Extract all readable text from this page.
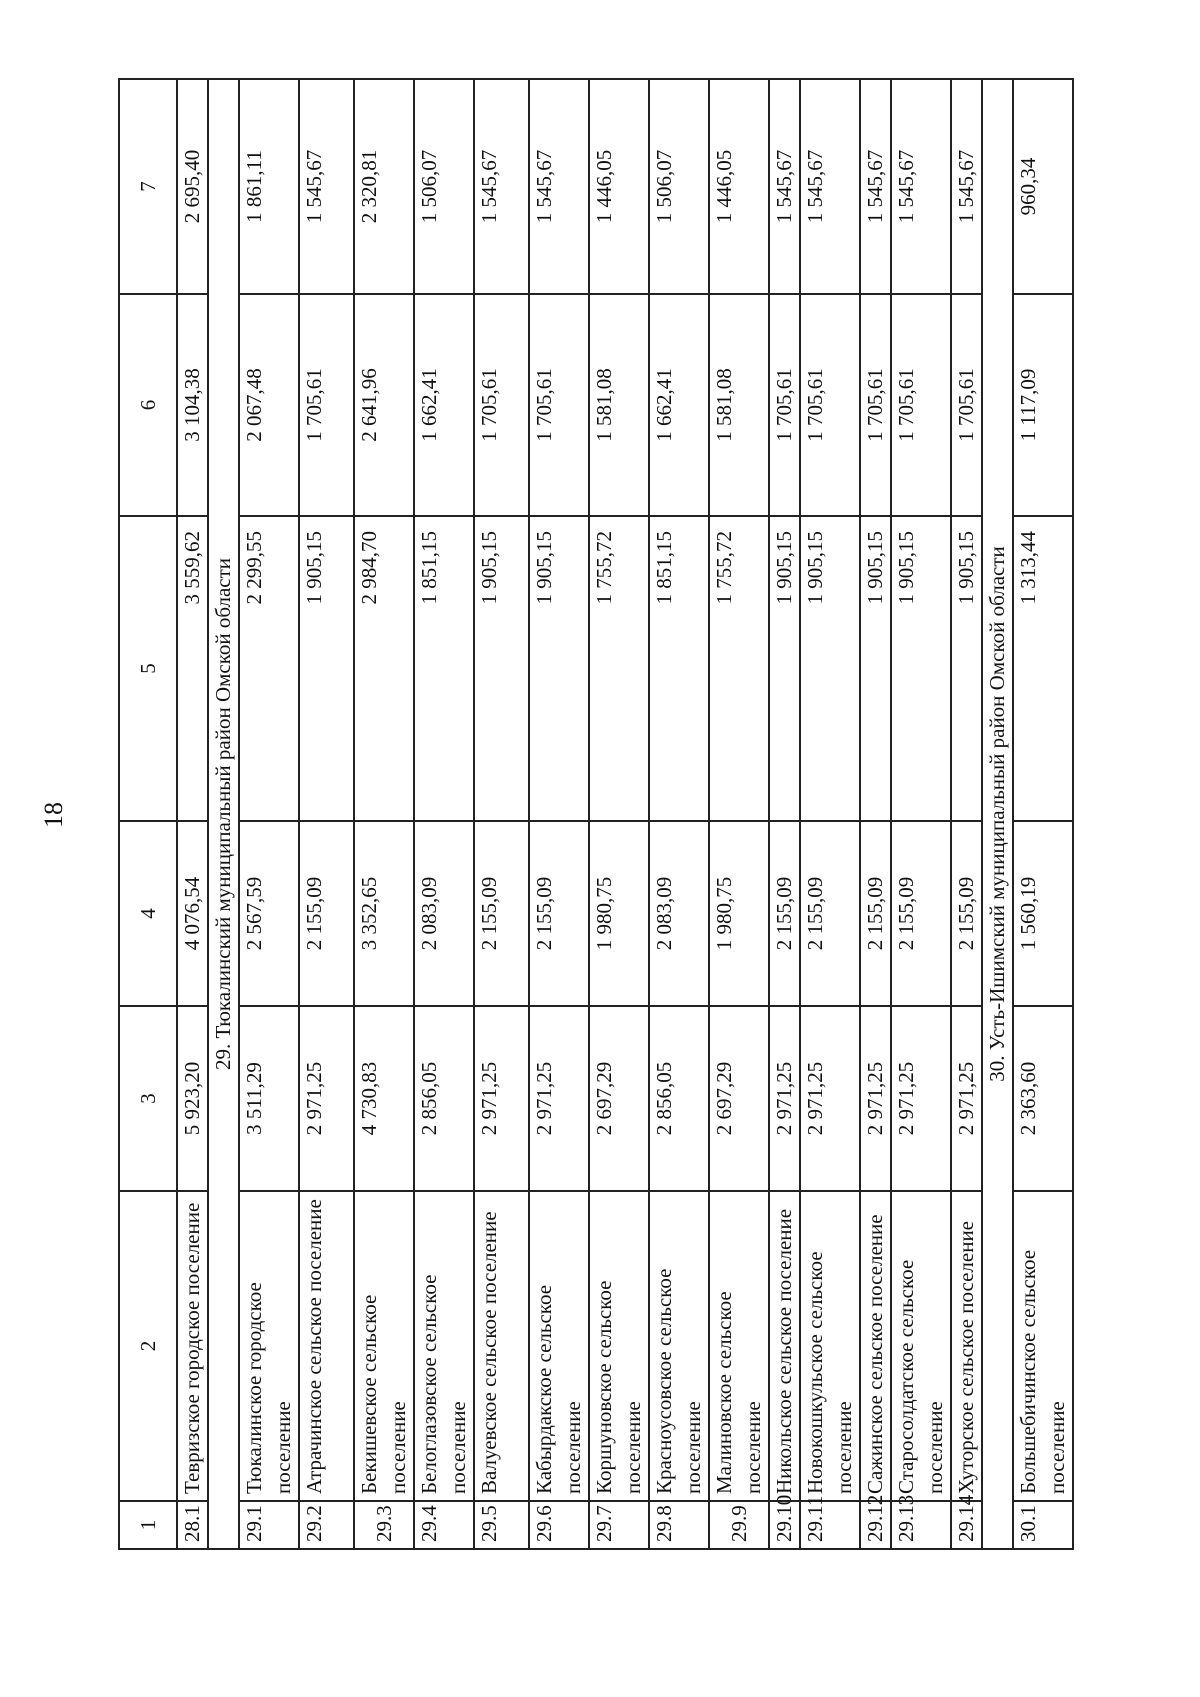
18
1	2	3	4	5	6	7
28.1	Тевризское городское поселение	5 923,20	4 076,54	3 559,62	3 104,38	2 695,40
29. Тюкалинский муниципальный район Омской области						
29.1	Тюкалинское городское поселение	3 511,29	2 567,59	2 299,55	2 067,48	1 861,11
29.2	Атрачинское сельское поселение	2 971,25	2 155,09	1 905,15	1 705,61	1 545,67
29.3	Бекишевское сельское поселение	4 730,83	3 352,65	2 984,70	2 641,96	2 320,81
29.4	Белоглазовское сельское поселение	2 856,05	2 083,09	1 851,15	1 662,41	1 506,07
29.5	Валуевское сельское поселение	2 971,25	2 155,09	1 905,15	1 705,61	1 545,67
29.6	Кабырдакское сельское поселение	2 971,25	2 155,09	1 905,15	1 705,61	1 545,67
29.7	Коршуновское сельское поселение	2 697,29	1 980,75	1 755,72	1 581,08	1 446,05
29.8	Красноусовское сельское поселение	2 856,05	2 083,09	1 851,15	1 662,41	1 506,07
29.9	Малиновское сельское поселение	2 697,29	1 980,75	1 755,72	1 581,08	1 446,05
29.10	Никольское сельское поселение	2 971,25	2 155,09	1 905,15	1 705,61	1 545,67
29.11	Новокошкульское сельское поселение	2 971,25	2 155,09	1 905,15	1 705,61	1 545,67
29.12	Сажинское сельское поселение	2 971,25	2 155,09	1 905,15	1 705,61	1 545,67
29.13	Старосолдатское сельское поселение	2 971,25	2 155,09	1 905,15	1 705,61	1 545,67
29.14	Хуторское сельское поселение	2 971,25	2 155,09	1 905,15	1 705,61	1 545,67
30. Усть-Ишимский муниципальный район Омской области						
30.1	Большебичинское сельское поселение	2 363,60	1 560,19	1 313,44	1 117,09	960,34
